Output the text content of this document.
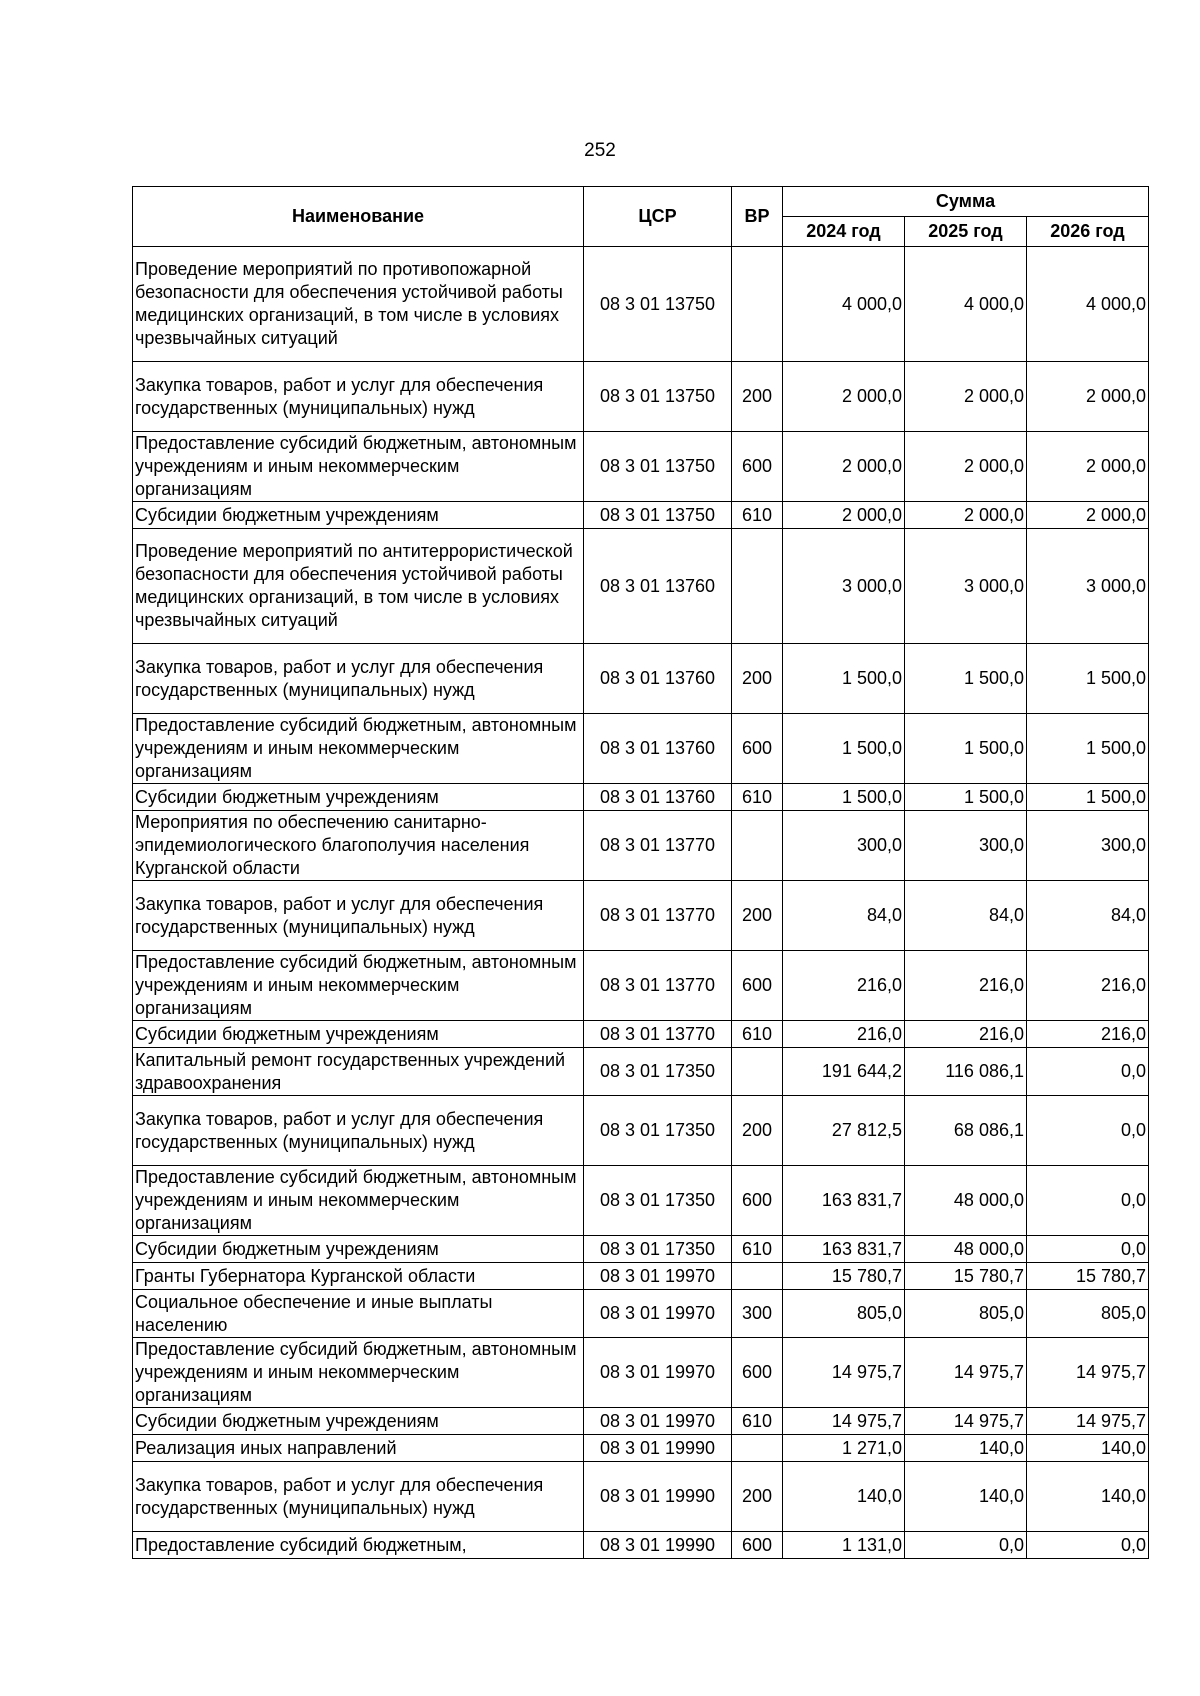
252
Наименование	ЦСР	ВР	Сумма		
			2024 год	2025 год	2026 год
Проведение мероприятий по противопожарной безопасности для обеспечения устойчивой работы медицинских организаций, в том числе в условиях чрезвычайных ситуаций	08 3 01 13750		4 000,0	4 000,0	4 000,0
Закупка товаров, работ и услуг для обеспечения государственных (муниципальных) нужд	08 3 01 13750	200	2 000,0	2 000,0	2 000,0
Предоставление субсидий бюджетным, автономным учреждениям и иным некоммерческим организациям	08 3 01 13750	600	2 000,0	2 000,0	2 000,0
Субсидии бюджетным учреждениям	08 3 01 13750	610	2 000,0	2 000,0	2 000,0
Проведение мероприятий по антитеррористической безопасности для обеспечения устойчивой работы медицинских организаций, в том числе в условиях чрезвычайных ситуаций	08 3 01 13760		3 000,0	3 000,0	3 000,0
Закупка товаров, работ и услуг для обеспечения государственных (муниципальных) нужд	08 3 01 13760	200	1 500,0	1 500,0	1 500,0
Предоставление субсидий бюджетным, автономным учреждениям и иным некоммерческим организациям	08 3 01 13760	600	1 500,0	1 500,0	1 500,0
Субсидии бюджетным учреждениям	08 3 01 13760	610	1 500,0	1 500,0	1 500,0
Мероприятия по обеспечению санитарно-эпидемиологического благополучия населения Курганской области	08 3 01 13770		300,0	300,0	300,0
Закупка товаров, работ и услуг для обеспечения государственных (муниципальных) нужд	08 3 01 13770	200	84,0	84,0	84,0
Предоставление субсидий бюджетным, автономным учреждениям и иным некоммерческим организациям	08 3 01 13770	600	216,0	216,0	216,0
Субсидии бюджетным учреждениям	08 3 01 13770	610	216,0	216,0	216,0
Капитальный ремонт государственных учреждений здравоохранения	08 3 01 17350		191 644,2	116 086,1	0,0
Закупка товаров, работ и услуг для обеспечения государственных (муниципальных) нужд	08 3 01 17350	200	27 812,5	68 086,1	0,0
Предоставление субсидий бюджетным, автономным учреждениям и иным некоммерческим организациям	08 3 01 17350	600	163 831,7	48 000,0	0,0
Субсидии бюджетным учреждениям	08 3 01 17350	610	163 831,7	48 000,0	0,0
Гранты Губернатора Курганской области	08 3 01 19970		15 780,7	15 780,7	15 780,7
Социальное обеспечение и иные выплаты населению	08 3 01 19970	300	805,0	805,0	805,0
Предоставление субсидий бюджетным, автономным учреждениям и иным некоммерческим организациям	08 3 01 19970	600	14 975,7	14 975,7	14 975,7
Субсидии бюджетным учреждениям	08 3 01 19970	610	14 975,7	14 975,7	14 975,7
Реализация иных направлений	08 3 01 19990		1 271,0	140,0	140,0
Закупка товаров, работ и услуг для обеспечения государственных (муниципальных) нужд	08 3 01 19990	200	140,0	140,0	140,0
Предоставление субсидий бюджетным,	08 3 01 19990	600	1 131,0	0,0	0,0
